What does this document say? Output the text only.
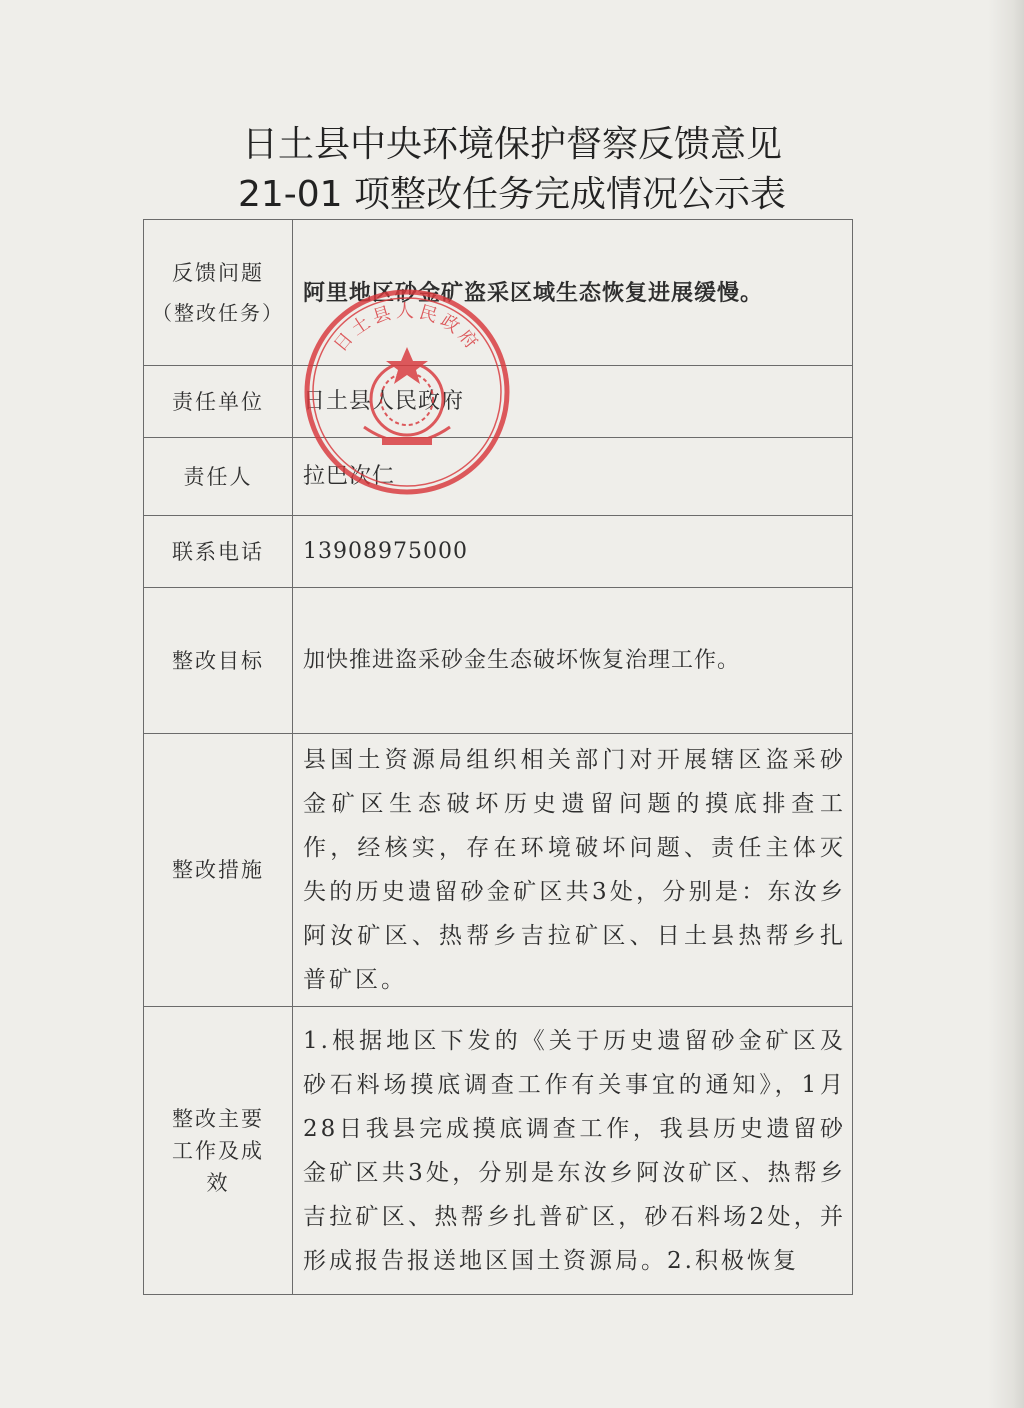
日土县中央环境保护督察反馈意见
21-01 项整改任务完成情况公示表
反馈问题
（整改任务）	阿里地区砂金矿盗采区域生态恢复进展缓慢。
责任单位	日土县人民政府
责任人	拉巴次仁
联系电话	13908975000
整改目标	加快推进盗采砂金生态破坏恢复治理工作。
整改措施	县国土资源局组织相关部门对开展辖区盗采砂金矿区生态破坏历史遗留问题的摸底排查工作，经核实，存在环境破坏问题、责任主体灭失的历史遗留砂金矿区共3处，分别是：东汝乡阿汝矿区、热帮乡吉拉矿区、日土县热帮乡扎普矿区。

整改主要
工作及成
效	1.根据地区下发的《关于历史遗留砂金矿区及砂石料场摸底调查工作有关事宜的通知》，1月28日我县完成摸底调查工作，我县历史遗留砂金矿区共3处，分别是东汝乡阿汝矿区、热帮乡吉拉矿区、热帮乡扎普矿区，砂石料场2处，并形成报告报送地区国土资源局。2.积极恢复
日土县人民政府
